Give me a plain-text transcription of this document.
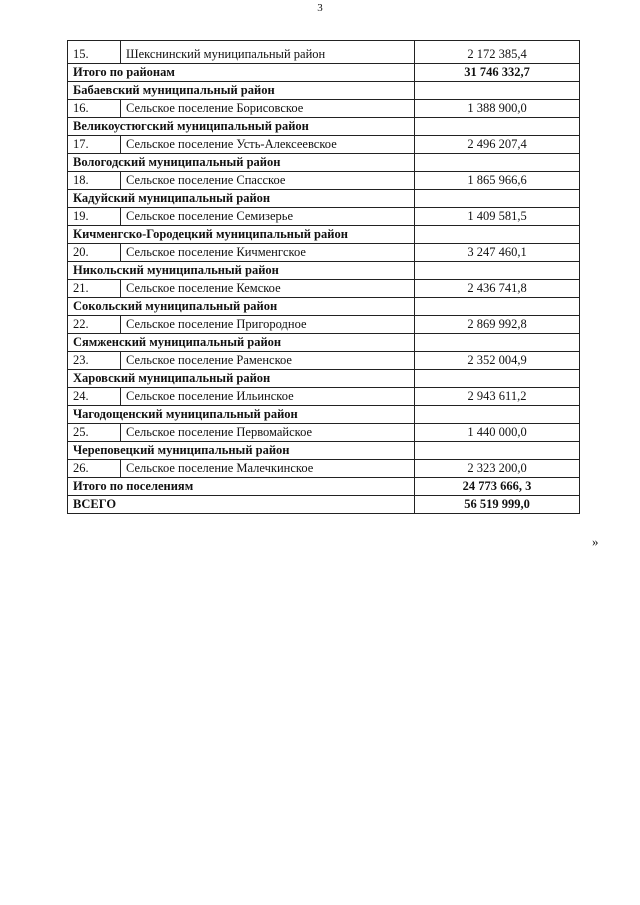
3
15.	Шекснинский муниципальный район	2 172 385,4
Итого по районам		31 746 332,7
Бабаевский муниципальный район		
16.	Сельское поселение Борисовское	1 388 900,0
Великоустюгский муниципальный район		
17.	Сельское поселение Усть-Алексеевское	2 496 207,4
Вологодский муниципальный район		
18.	Сельское поселение Спасское	1 865 966,6
Кадуйский муниципальный район		
19.	Сельское поселение Семизерье	1 409 581,5
Кичменгско-Городецкий муниципальный район		
20.	Сельское поселение Кичменгское	3 247 460,1
Никольский муниципальный район		
21.	Сельское поселение Кемское	2 436 741,8
Сокольский муниципальный район		
22.	Сельское поселение Пригородное	2 869 992,8
Сямженский муниципальный район		
23.	Сельское поселение Раменское	2 352 004,9
Харовский муниципальный район		
24.	Сельское поселение Ильинское	2 943 611,2
Чагодощенский муниципальный район		
25.	Сельское поселение Первомайское	1 440 000,0
Череповецкий муниципальный район		
26.	Сельское поселение Малечкинское	2 323 200,0
Итого по поселениям		24 773 666, 3
ВСЕГО		56 519 999,0
»
